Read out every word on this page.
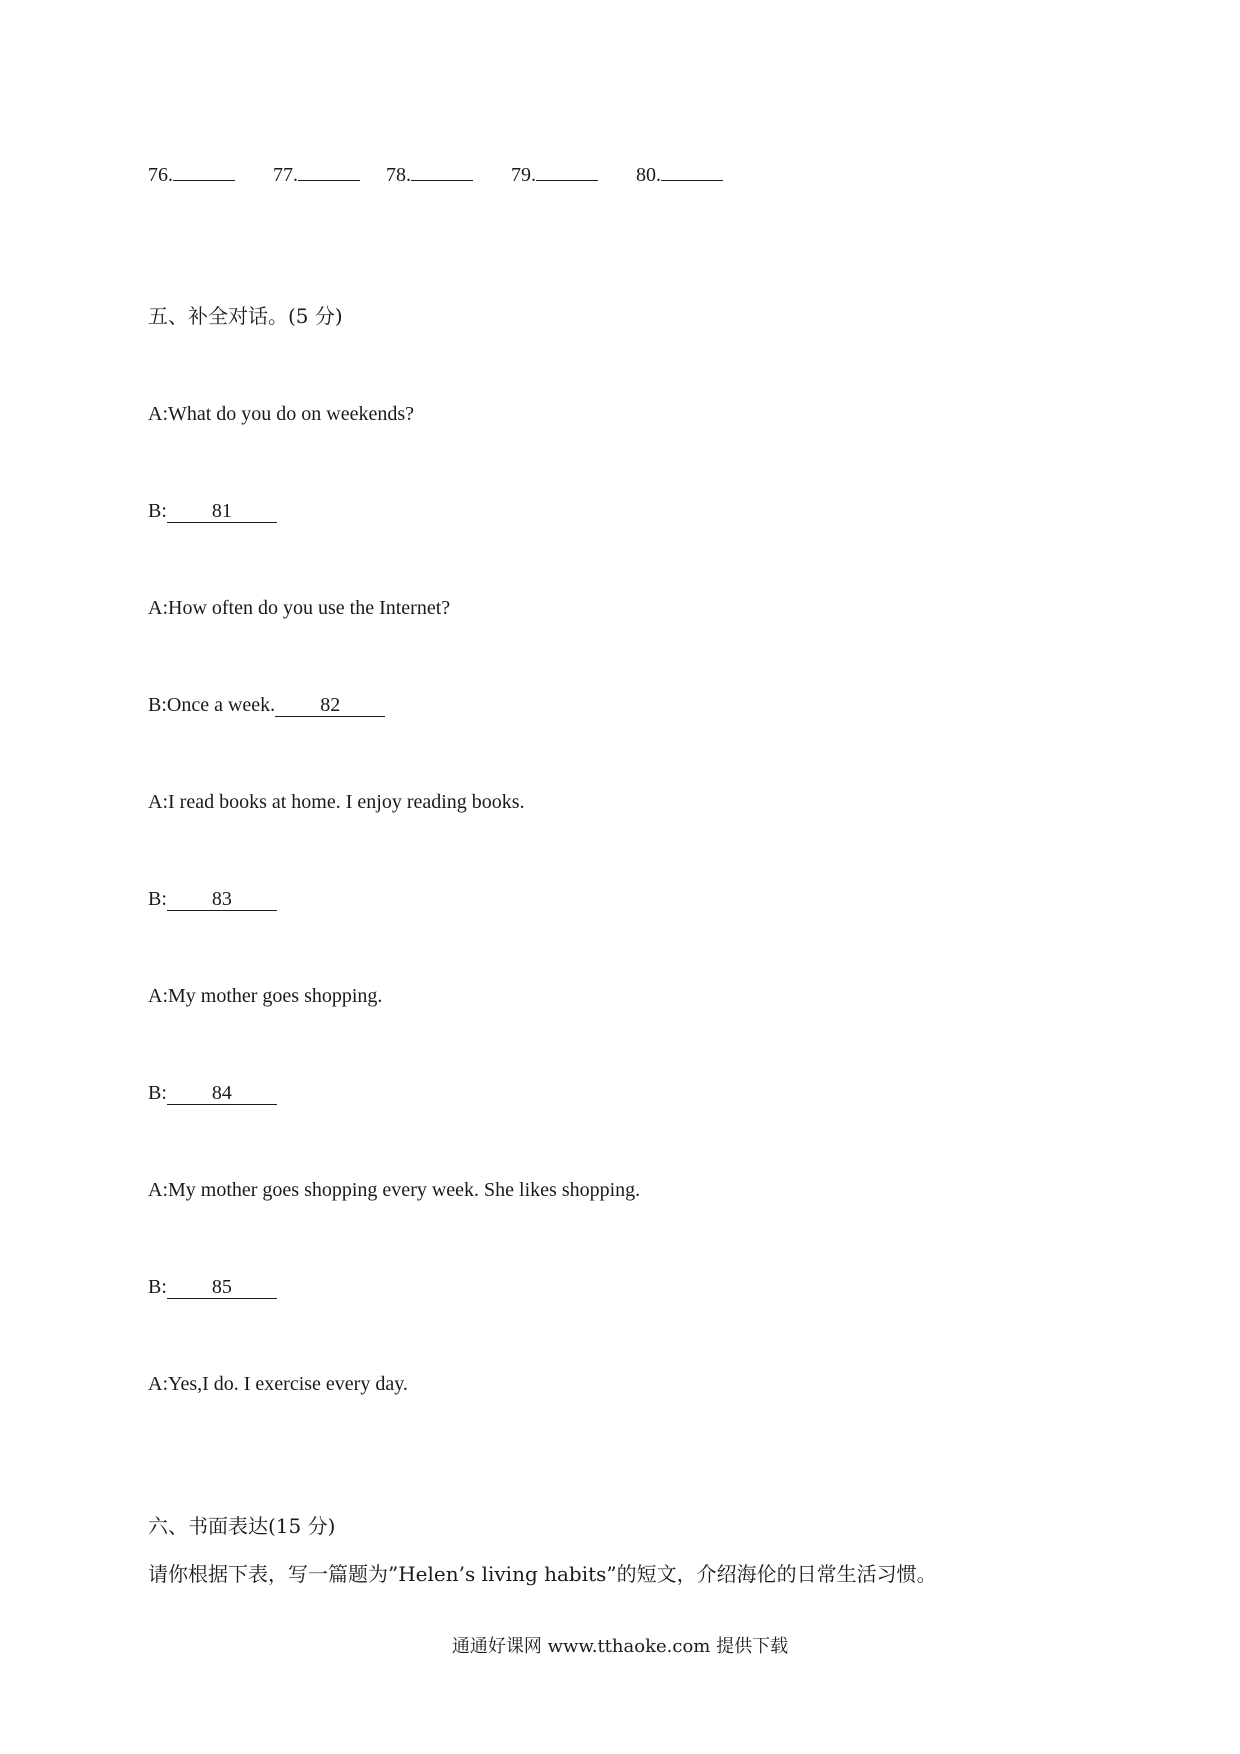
76.	77.	78.	79.	80.
五、补全对话。(5 分)
A:What do you do on weekends?
B: 81
A:How often do you use the Internet?
B:Once a week. 82
A:I read books at home. I enjoy reading books.
B: 83
A:My mother goes shopping.
B: 84
A:My mother goes shopping every week. She likes shopping.
B: 85
A:Yes,I do. I exercise every day.
六、书面表达(15 分)
请你根据下表，写一篇题为”Helen’s living habits”的短文，介绍海伦的日常生活习惯。
通通好课网 www.tthaoke.com 提供下载
